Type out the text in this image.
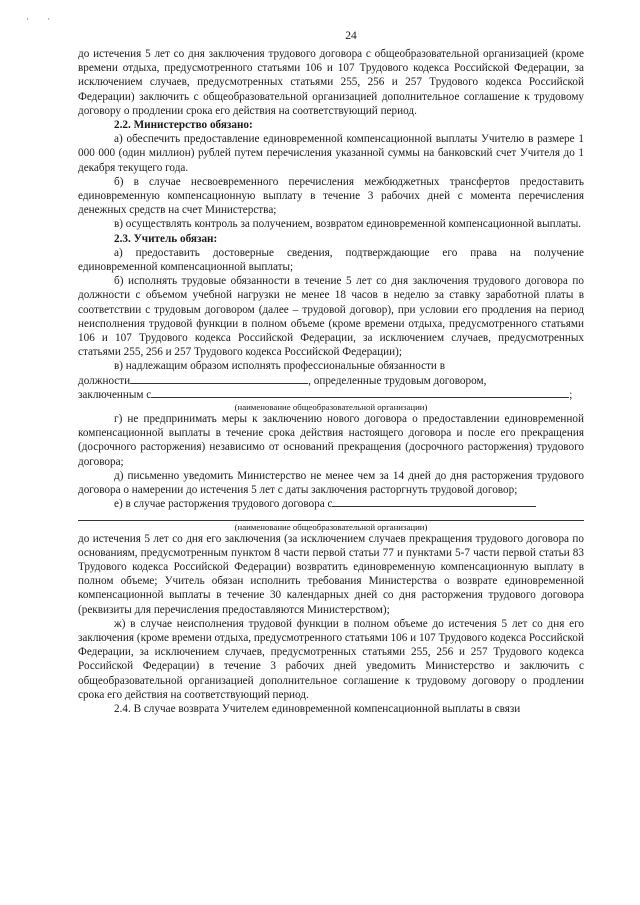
· ·
24

до истечения 5 лет со дня заключения трудового договора с общеобразовательной организацией (кроме времени отдыха, предусмотренного статьями 106 и 107 Трудового кодекса Российской Федерации, за исключением случаев, предусмотренных статьями 255, 256 и 257 Трудового кодекса Российской Федерации) заключить с общеобразовательной организацией дополнительное соглашение к трудовому договору о продлении срока его действия на соответствующий период.

2.2. Министерство обязано:

а) обеспечить предоставление единовременной компенсационной выплаты Учителю в размере 1 000 000 (один миллион) рублей путем перечисления указанной суммы на банковский счет Учителя до 1 декабря текущего года.

б) в случае несвоевременного перечисления межбюджетных трансфертов предоставить единовременную компенсационную выплату в течение 3 рабочих дней с момента перечисления денежных средств на счет Министерства;

в) осуществлять контроль за получением, возвратом единовременной компенсационной выплаты.

2.3. Учитель обязан:

а) предоставить достоверные сведения, подтверждающие его права на получение единовременной компенсационной выплаты;

б) исполнять трудовые обязанности в течение 5 лет со дня заключения трудового договора по должности с объемом учебной нагрузки не менее 18 часов в неделю за ставку заработной платы в соответствии с трудовым договором (далее – трудовой договор), при условии его продления на период неисполнения трудовой функции в полном объеме (кроме времени отдыха, предусмотренного статьями 106 и 107 Трудового кодекса Российской Федерации, за исключением случаев, предусмотренных статьями 255, 256 и 257 Трудового кодекса Российской Федерации);

в) надлежащим образом исполнять профессиональные обязанности в

должности	, определенные трудовым договором,

заключенным с	;

(наименование общеобразовательной организации)

г) не предпринимать меры к заключению нового договора о предоставлении единовременной компенсационной выплаты в течение срока действия настоящего договора и после его прекращения (досрочного расторжения) независимо от оснований прекращения (досрочного расторжения) трудового договора;

д) письменно уведомить Министерство не менее чем за 14 дней до дня расторжения трудового договора о намерении до истечения 5 лет с даты заключения расторгнуть трудовой договор;

е) в случае расторжения трудового договора с

(наименование общеобразовательной организации)

до истечения 5 лет со дня его заключения (за исключением случаев прекращения трудового договора по основаниям, предусмотренным пунктом 8 части первой статьи 77 и пунктами 5-7 части первой статьи 83 Трудового кодекса Российской Федерации) возвратить единовременную компенсационную выплату в полном объеме; Учитель обязан исполнить требования Министерства о возврате единовременной компенсационной выплаты в течение 30 календарных дней со дня расторжения трудового договора (реквизиты для перечисления предоставляются Министерством);

ж) в случае неисполнения трудовой функции в полном объеме до истечения 5 лет со дня его заключения (кроме времени отдыха, предусмотренного статьями 106 и 107 Трудового кодекса Российской Федерации, за исключением случаев, предусмотренных статьями 255, 256 и 257 Трудового кодекса Российской Федерации) в течение 3 рабочих дней уведомить Министерство и заключить с общеобразовательной организацией дополнительное соглашение к трудовому договору о продлении срока его действия на соответствующий период.

2.4. В случае возврата Учителем единовременной компенсационной выплаты в связи
